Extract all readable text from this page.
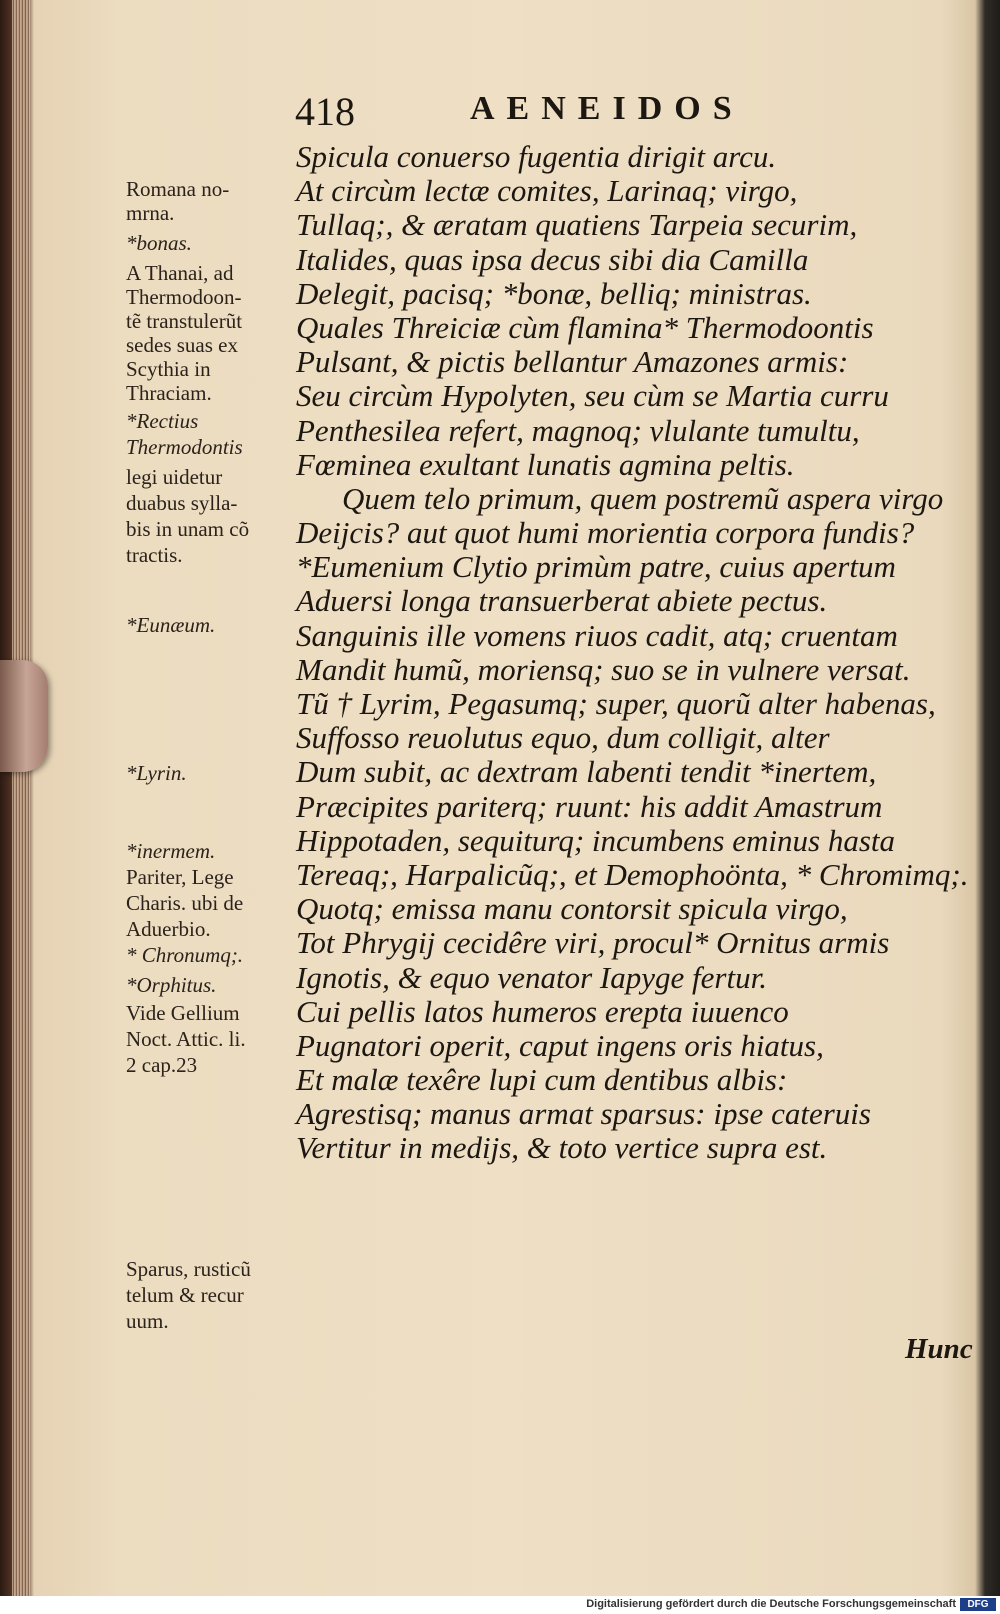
418	AENEIDOS
Spicula conuerso fugentia dirigit arcu.
At circùm lectæ comites, Larinaq; virgo,
Tullaq;, & æratam quatiens Tarpeia securim,
Italides, quas ipsa decus sibi dia Camilla
Delegit, pacisq; *bonæ, belliq; ministras.
Quales Threiciæ cùm flamina* Thermodoontis
Pulsant, & pictis bellantur Amazones armis:
Seu circùm Hypolyten, seu cùm se Martia curru
Penthesilea refert, magnoq; vlulante tumultu,
Fœminea exultant lunatis agmina peltis.
Quem telo primum, quem postremũ aspera virgo
Deijcis? aut quot humi morientia corpora fundis?
*Eumenium Clytio primùm patre, cuius apertum
Aduersi longa transuerberat abiete pectus.
Sanguinis ille vomens riuos cadit, atq; cruentam
Mandit humũ, moriensq; suo se in vulnere versat.
Tũ † Lyrim, Pegasumq; super, quorũ alter habenas,
Suffosso reuolutus equo, dum colligit, alter
Dum subit, ac dextram labenti tendit *inertem,
Præcipites pariterq; ruunt: his addit Amastrum
Hippotaden, sequiturq; incumbens eminus hasta
Tereaq;, Harpalicũq;, et Demophoönta, * Chromimq;.
Quotq; emissa manu contorsit spicula virgo,
Tot Phrygij cecidêre viri, procul* Ornitus armis
Ignotis, & equo venator Iapyge fertur.
Cui pellis latos humeros erepta iuuenco
Pugnatori operit, caput ingens oris hiatus,
Et malæ texêre lupi cum dentibus albis:
Agrestisq; manus armat sparsus: ipse cateruis
Vertitur in medijs, & toto vertice supra est.
Hunc
Romana no-
mrna.
*bonas.
A Thanai, ad
Thermodoon-
tẽ transtulerũt
sedes suas ex
Scythia in
Thraciam.
*Rectius
Thermodontis
legi uidetur
duabus sylla-
bis in unam cõ
tractis.
*Eunæum.
*Lyrin.
*inermem.
Pariter, Lege
Charis. ubi de
Aduerbio.
* Chronumq;.
*Orphitus.
Vide Gellium
Noct. Attic. li.
2 cap.23
Sparus, rusticũ
telum & recur
uum.
Digitalisierung gefördert durch die Deutsche Forschungsgemeinschaft	DFG
